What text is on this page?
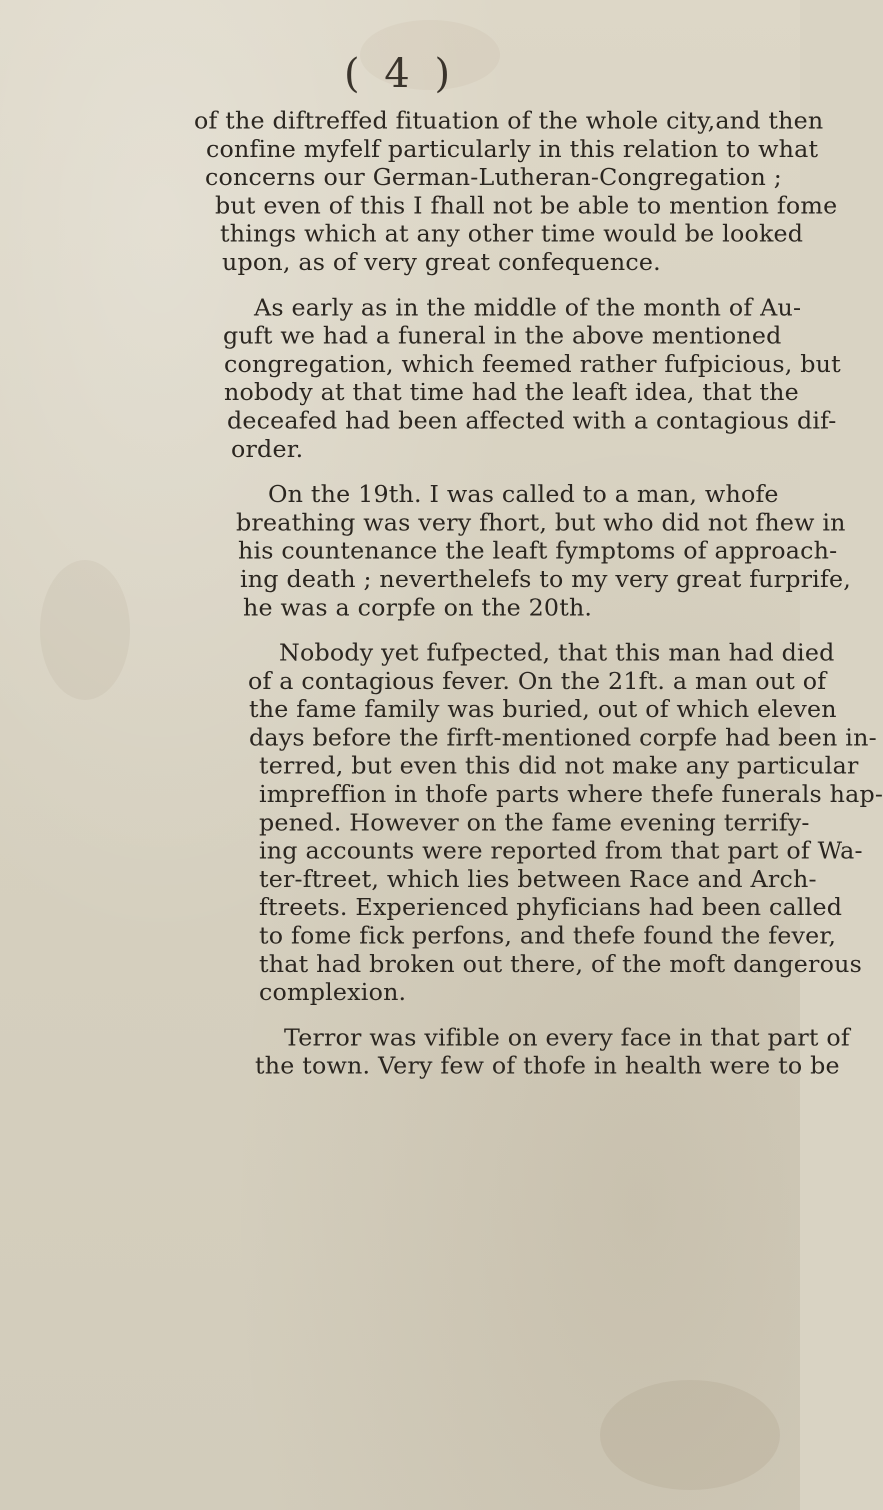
( 4 )

of the diftreffed fituation of the whole city,and then
confine myfelf particularly in this relation to what
concerns our German-Lutheran-Congregation ;
but even of this I fhall not be able to mention fome
things which at any other time would be looked
upon, as of very great confequence.

As early as in the middle of the month of Au-
guft we had a funeral in the above mentioned
congregation, which feemed rather fufpicious, but
nobody at that time had the leaft idea, that the
deceafed had been affected with a contagious dif-
order.

On the 19th. I was called to a man, whofe
breathing was very fhort, but who did not fhew in
his countenance the leaft fymptoms of approach-
ing death ; neverthelefs to my very great furprife,
he was a corpfe on the 20th.

Nobody yet fufpected, that this man had died
of a contagious fever. On the 21ft. a man out of
the fame family was buried, out of which eleven
days before the firft-mentioned corpfe had been in-
terred, but even this did not make any particular
impreffion in thofe parts where thefe funerals hap-
pened. However on the fame evening terrify-
ing accounts were reported from that part of Wa-
ter-ftreet, which lies between Race and Arch-
ftreets. Experienced phyficians had been called
to fome fick perfons, and thefe found the fever,
that had broken out there, of the moft dangerous
complexion.

Terror was vifible on every face in that part of
the town. Very few of thofe in health were to be
